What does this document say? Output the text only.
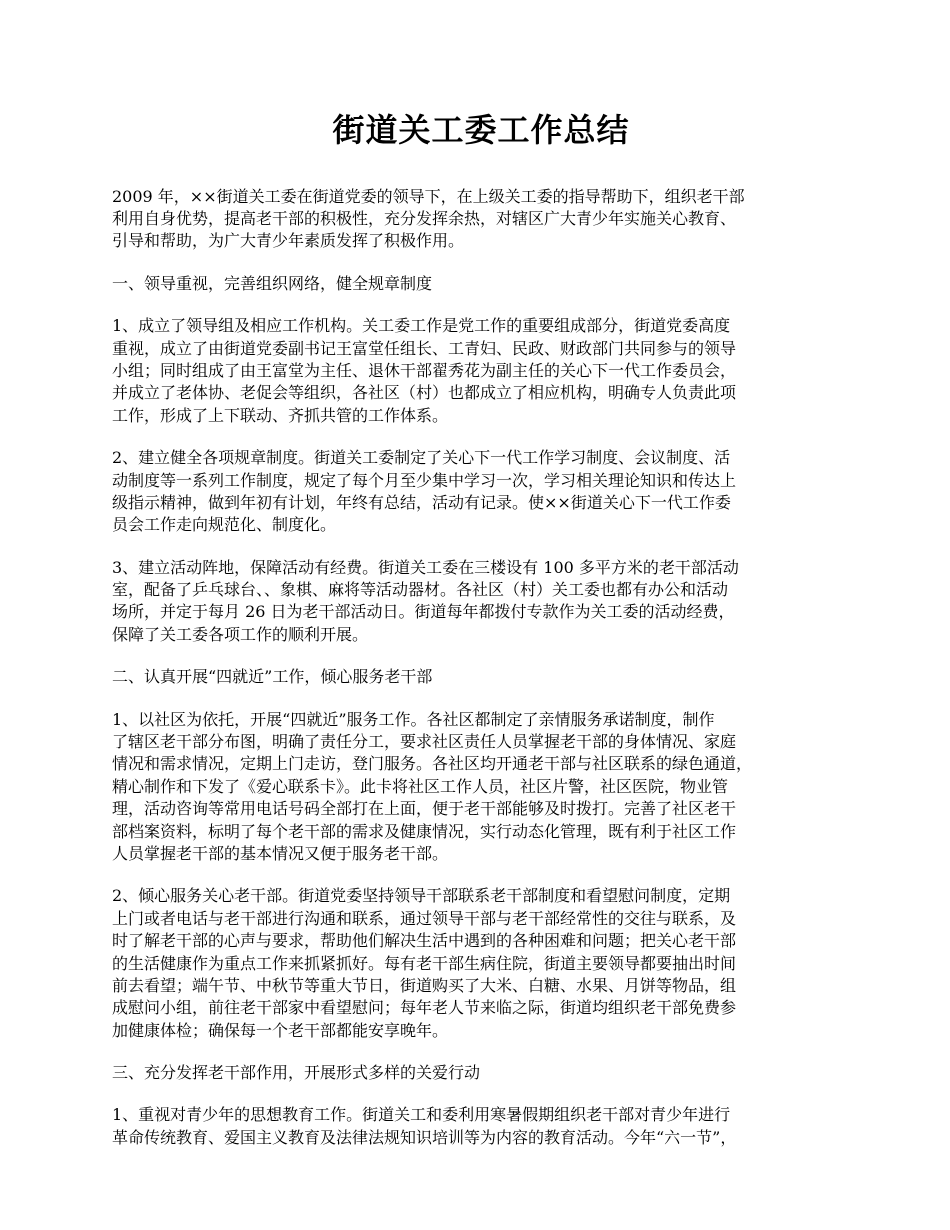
街道关工委工作总结
2009 年，××街道关工委在街道党委的领导下，在上级关工委的指导帮助下，组织老干部
利用自身优势，提高老干部的积极性，充分发挥余热，对辖区广大青少年实施关心教育、
引导和帮助，为广大青少年素质发挥了积极作用。
一、领导重视，完善组织网络，健全规章制度
1、成立了领导组及相应工作机构。关工委工作是党工作的重要组成部分，街道党委高度
重视，成立了由街道党委副书记王富堂任组长、工青妇、民政、财政部门共同参与的领导
小组；同时组成了由王富堂为主任、退休干部翟秀花为副主任的关心下一代工作委员会，
并成立了老体协、老促会等组织，各社区（村）也都成立了相应机构，明确专人负责此项
工作，形成了上下联动、齐抓共管的工作体系。
2、建立健全各项规章制度。街道关工委制定了关心下一代工作学习制度、会议制度、活
动制度等一系列工作制度，规定了每个月至少集中学习一次，学习相关理论知识和传达上
级指示精神，做到年初有计划，年终有总结，活动有记录。使××街道关心下一代工作委
员会工作走向规范化、制度化。
3、建立活动阵地，保障活动有经费。街道关工委在三楼设有 100 多平方米的老干部活动
室，配备了乒乓球台、、象棋、麻将等活动器材。各社区（村）关工委也都有办公和活动
场所，并定于每月 26 日为老干部活动日。街道每年都拨付专款作为关工委的活动经费，
保障了关工委各项工作的顺利开展。
二、认真开展“四就近”工作，倾心服务老干部
1、以社区为依托，开展“四就近”服务工作。各社区都制定了亲情服务承诺制度，制作
了辖区老干部分布图，明确了责任分工，要求社区责任人员掌握老干部的身体情况、家庭
情况和需求情况，定期上门走访，登门服务。各社区均开通老干部与社区联系的绿色通道，
精心制作和下发了《爱心联系卡》。此卡将社区工作人员，社区片警，社区医院，物业管
理，活动咨询等常用电话号码全部打在上面，便于老干部能够及时拨打。完善了社区老干
部档案资料，标明了每个老干部的需求及健康情况，实行动态化管理，既有利于社区工作
人员掌握老干部的基本情况又便于服务老干部。
2、倾心服务关心老干部。街道党委坚持领导干部联系老干部制度和看望慰问制度，定期
上门或者电话与老干部进行沟通和联系，通过领导干部与老干部经常性的交往与联系，及
时了解老干部的心声与要求，帮助他们解决生活中遇到的各种困难和问题；把关心老干部
的生活健康作为重点工作来抓紧抓好。每有老干部生病住院，街道主要领导都要抽出时间
前去看望；端午节、中秋节等重大节日，街道购买了大米、白糖、水果、月饼等物品，组
成慰问小组，前往老干部家中看望慰问；每年老人节来临之际，街道均组织老干部免费参
加健康体检；确保每一个老干部都能安享晚年。
三、充分发挥老干部作用，开展形式多样的关爱行动
1、重视对青少年的思想教育工作。街道关工和委利用寒暑假期组织老干部对青少年进行
革命传统教育、爱国主义教育及法律法规知识培训等为内容的教育活动。今年“六一节”，
